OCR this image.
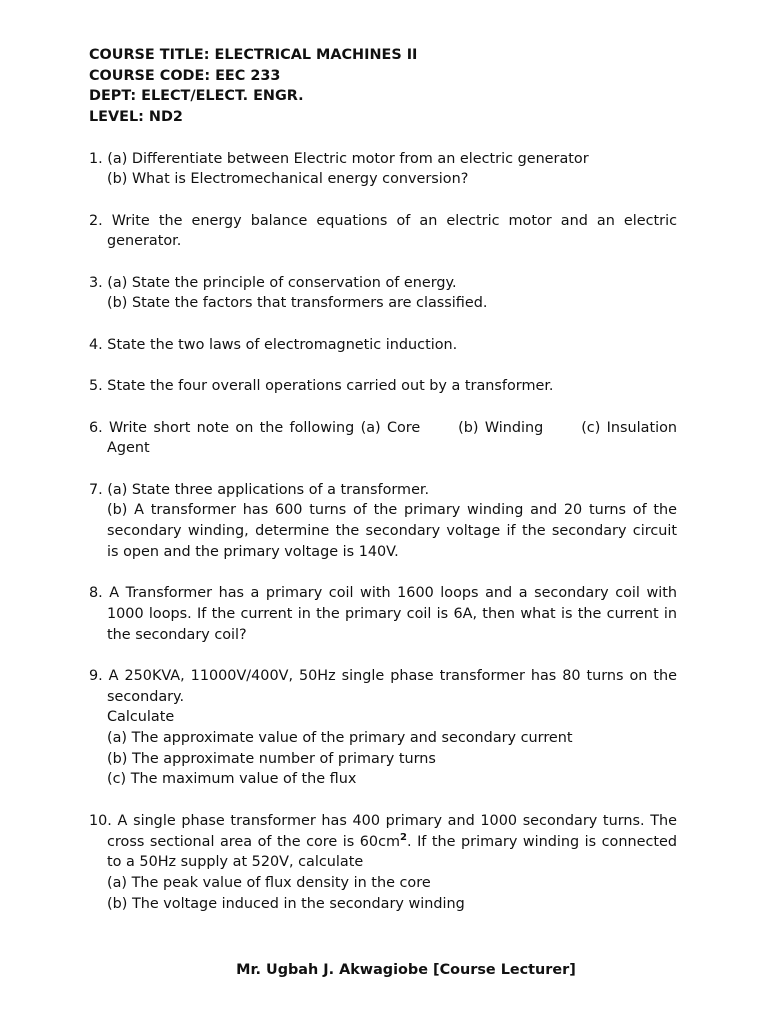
COURSE TITLE: ELECTRICAL MACHINES II
COURSE CODE: EEC 233
DEPT: ELECT/ELECT. ENGR.
LEVEL: ND2
1. (a) Differentiate between Electric motor from an electric generator
(b) What is Electromechanical energy conversion?
2. Write the energy balance equations of an electric motor and an electric generator.
3. (a) State the principle of conservation of energy.
(b) State the factors that transformers are classified.
4. State the two laws of electromagnetic induction.
5. State the four overall operations carried out by a transformer.
6. Write short note on the following (a) Core	(b) Winding	(c) Insulation Agent
7. (a) State three applications of a transformer.
(b) A transformer has 600 turns of the primary winding and 20 turns of the secondary winding, determine the secondary voltage if the secondary circuit is open and the primary voltage is 140V.
8. A Transformer has a primary coil with 1600 loops and a secondary coil with 1000 loops. If the current in the primary coil is 6A, then what is the current in the secondary coil?
9. A 250KVA, 11000V/400V, 50Hz single phase transformer has 80 turns on the secondary.
Calculate
(a) The approximate value of the primary and secondary current
(b) The approximate number of primary turns
(c) The maximum value of the flux
10. A single phase transformer has 400 primary and 1000 secondary turns. The cross sectional area of the core is $60cm^2$. If the primary winding is connected to a 50Hz supply at 520V, calculate
(a) The peak value of flux density in the core
(b) The voltage induced in the secondary winding
Mr. Ugbah J. Akwagiobe [Course Lecturer]
